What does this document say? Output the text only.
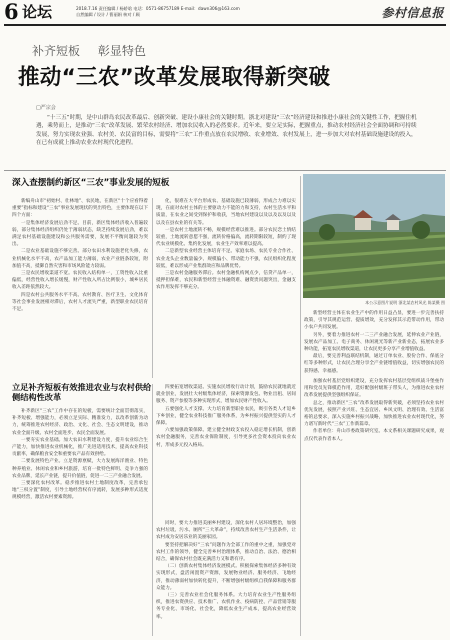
6 论坛	2018.7.16 责任编辑 / 杨娇晗 电话：0571-86757189 E-mail：dawn306@163.com
自然编辑 / 设计 / 曹丽娟 核对 / 顾	参村信息报
补齐短板 彰显特色
推动“三农”改革发展取得新突破
□严宗会
“十三五”时期，是中山群岛农民改革最后、创新突破、建设小康社会的关键时期。浙北对建设“三农”经济建设和推进小康社会的关键性工作，把握住机遇，乘势而上，是推动“三农”改革发展、繁荣农村经济、增加农民收入的必然要求。近年来，要立足实际，把握重点，推动农村经济社会全面协调和可持续发展，努力实现农业强、农村美、农民富的目标，需要将“三农”工作重点放在农民增收、农业增效、农村发展上，进一步加大对农村基础设施建设的投入，在已有成就上推动农业农村现代化进程。
深入查摆制约新区“三农”事业发展的短板

新编舟山市“初始村、壮林地”、农民地，在新区“十个应看得着重要”指标和建设“三农”事业发展现状的突出特色，主要体现在以下四个方面：

一是集体经济发展后劲不足。目前，新区集体经济收入普遍较弱，部分集体经济组织仍处于薄弱状态，缺乏持续发展后劲，难以满足农村基础设施建设和公共服务需要，发展不平衡问题较为突出。

二是农业基础设施不够完善。部分农田水利设施老化失修，农业机械化水平不高，农产品加工能力薄弱，农业产业链条较短，附加值不高，抵御自然灾害和市场风险能力较弱。

三是农民增收渠道不宽。农民收入结构单一，工资性收入比重偏低，经营性收入增长缓慢，财产性收入所占比例很小，城乡居民收入差距依然较大。

四是农村公共服务水平不高。农村教育、医疗卫生、文化体育等社会事业发展相对滞后，农村人才流失严重，新型职业农民培育不足。

化，很难在大平台形成农、基础设施已较薄弱，形成合力难以实现，在面对农村主体的主要驱动力不能的力和支持，农村生活水平和质量，在农业之间受到保护和收获，当地农村建设以及以及以及以及以及在县农业的有关等。

一是农村土地流转不畅，规模经营难以推进。部分农民恋土情结较重，土地流转意愿不强，流转价格偏高，流转期限较短，制约了现代农业规模化、集约化发展，农业生产效率难以提高。

二是新型农业经营主体培育不足。家庭农场、农民专业合作社、农业龙头企业数量偏少、规模偏小、带动能力不强，农民组织化程度较低，难以形成产业集群效应和品牌优势。

三是农村金融服务滞后。农村金融机构网点少，信贷产品单一，抵押担保难，农民和新型经营主体融资难、融资贵问题突出，金融支农作用发挥不够充分。

本公示意图片说明 浙北某农村风光 陈某摄 图

新型经营主体在农业生产中的作用日益凸显，要进一步完善扶持政策，引导其规范运营、提质增效，充分发挥其示范带动作用，带动小农户共同发展。

另外，要着力推进农村一二三产业融合发展，延伸农业产业链，发展农产品加工、电子商务、休闲观光等新产业新业态，拓展农业多种功能，拓宽农民增收渠道，让农民更多分享产业增值收益。

最后，要完善利益联结机制，通过订单农业、股份合作、保底分红等多种形式，让农民合理分享全产业链增值收益，切实增强农民的获得感、幸福感。

立足补齐短板有效推进农业与农村供给侧结构性改革

补齐新区“三农”工作中存在的短板，需要统计全面贯彻落实，补齐短板、增强能力，必须立足实际、精准发力，以改革创新为动力，统筹推进农村经济、政治、文化、社会、生态文明建设，推动农业全面升级、农村全面进步、农民全面发展。

一要夯实农业基础。加大农田水利建设力度，提升农业综合生产能力，加快推进农业机械化，推广先进适用技术，提高农业科技贡献率，确保粮食安全和重要农产品有效供给。

二要发展特色产业。立足资源禀赋，大力发展海洋渔业、特色种养殖业、休闲农业和乡村旅游，培育一批特色鲜明、竞争力强的农业品牌，延长产业链，提升价值链，促进一二三产业融合发展。

三要深化农村改革。稳步推进农村土地制度改革，完善承包地“三权分置”制度，引导土地经营权有序流转，发展多种形式适度规模经营，激活农村要素资源。

四要拓宽增收渠道。实施农民增收行动计划，鼓励农民就地就近就业创业，发展壮大村级集体经济，探索资源发包、物业出租、居间服务、资产参股等多种实现形式，增加农民财产性收入。

五要强化人才支撑。大力培育新型职业农民，吸引各类人才返乡下乡创业，健全农业科技推广服务体系，为乡村振兴提供坚实的人才保障。

六要加强政策保障。建立健全财政支农投入稳定增长机制，创新农村金融服务，完善农业保险制度，引导更多社会资本投向农业农村，形成多元投入格局。

加强农村基层党组织建设，充分发挥农村基层党组织战斗堡垒作用和党员先锋模范作用，选好配强村级班子带头人，为推进农业农村改革发展提供坚强组织保证。

总之，推动新区“三农”改革发展取得新突破，必须坚持农业农村优先发展，按照产业兴旺、生态宜居、乡风文明、治理有效、生活富裕的总要求，深入实施乡村振兴战略，加快推进农业农村现代化，努力谱写新时代“三农”工作新篇章。

作者单位：舟山市委政策研究室。本文系相关课题研究成果，观点仅代表作者本人。

同时，要大力推进美丽乡村建设，深化农村人居环境整治，加强农村垃圾、污水、厕所“三大革命”，持续改善农村生产生活条件，让农村成为安居乐业的美丽家园。

要坚持把解决好“三农”问题作为全部工作的重中之重，加强党对农村工作的领导，健全完善乡村治理体系，推动自治、法治、德治相结合，确保农村社会既充满活力又和谐有序。

（二）创新农村集体经济发展模式。积极探索集体经济多种有效实现形式，盘活闲置资产资源，发展物业经济、服务经济、飞地经济，推动薄弱村加快转化提升，不断增强村级组织自我保障和服务群众能力。

（三）完善农业社会化服务体系。大力培育农业生产性服务组织，推进农资供应、技术推广、农机作业、疫病防控、产品营销等服务专业化、市场化、社会化，降低农业生产成本，提高农业经营效率。
